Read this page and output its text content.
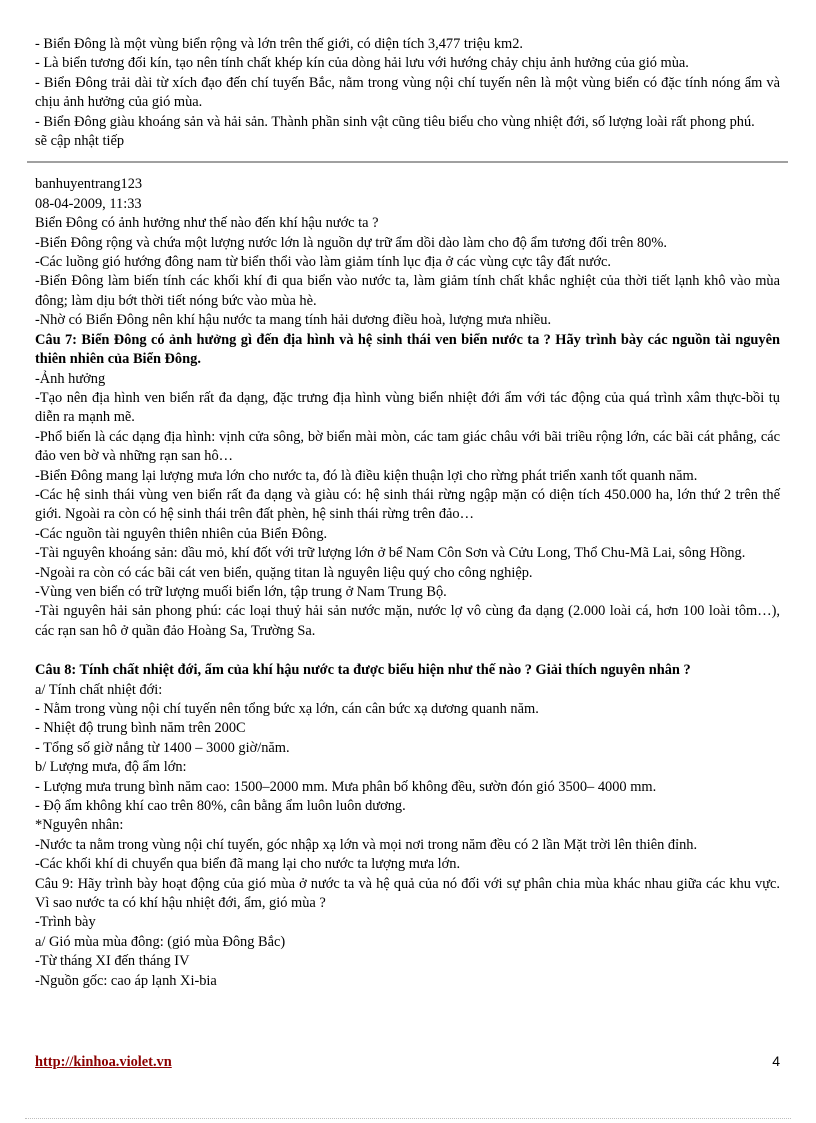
- Biển Đông là một vùng biển rộng và lớn trên thế giới, có diện tích 3,477 triệu km2.

- Là biển tương đối kín, tạo nên tính chất khép kín của dòng hải lưu với hướng chảy chịu ảnh hưởng của gió mùa.

- Biển Đông trải dài từ xích đạo đến chí tuyến Bắc, nằm trong vùng nội chí tuyến nên là một vùng biển có đặc tính nóng ẩm và chịu ảnh hưởng của gió mùa.

- Biển Đông giàu khoáng sản và hải sản. Thành phần sinh vật cũng tiêu biểu cho vùng nhiệt đới, số lượng loài rất phong phú.

sẽ cập nhật tiếp

banhuyentrang123

08-04-2009, 11:33

Biển Đông có ảnh hưởng như thế nào đến khí hậu nước ta ?

-Biển Đông rộng và chứa một lượng nước lớn là nguồn dự trữ ẩm dồi dào làm cho độ ẩm tương đối trên 80%.

-Các luồng gió hướng đông nam từ biển thổi vào làm giảm tính lục địa ở các vùng cực tây đất nước.

-Biển Đông làm biến tính các khối khí đi qua biển vào nước ta, làm giảm tính chất khắc nghiệt của thời tiết lạnh khô vào mùa đông; làm dịu bớt thời tiết nóng bức vào mùa hè.

-Nhờ có Biển Đông nên khí hậu nước ta mang tính hải dương điều hoà, lượng mưa nhiều.

Câu 7: Biển Đông có ảnh hưởng gì đến địa hình và hệ sinh thái ven biển nước ta ? Hãy trình bày các nguồn tài nguyên thiên nhiên của Biển Đông.

-Ảnh hưởng

-Tạo nên địa hình ven biển rất đa dạng, đặc trưng địa hình vùng biển nhiệt đới ẩm với tác động của quá trình xâm thực-bồi tụ diễn ra mạnh mẽ.

-Phổ biến là các dạng địa hình: vịnh cửa sông, bờ biển mài mòn, các tam giác châu với bãi triều rộng lớn, các bãi cát phẳng, các đảo ven bờ và những rạn san hô…

-Biển Đông mang lại lượng mưa lớn cho nước ta, đó là điều kiện thuận lợi cho rừng phát triển xanh tốt quanh năm.

-Các hệ sinh thái vùng ven biển rất đa dạng và giàu có: hệ sinh thái rừng ngập mặn có diện tích 450.000 ha, lớn thứ 2 trên thế giới. Ngoài ra còn có hệ sinh thái trên đất phèn, hệ sinh thái rừng trên đảo…

-Các nguồn tài nguyên thiên nhiên của Biển Đông.

-Tài nguyên khoáng sản: dầu mỏ, khí đốt với trữ lượng lớn ở bể Nam Côn Sơn và Cửu Long, Thổ Chu-Mã Lai, sông Hồng.

-Ngoài ra còn có các bãi cát ven biển, quặng titan là nguyên liệu quý cho công nghiệp.

-Vùng ven biển có trữ lượng muối biển lớn, tập trung ở Nam Trung Bộ.

-Tài nguyên hải sản phong phú: các loại thuỷ hải sản nước mặn, nước lợ vô cùng đa dạng (2.000 loài cá, hơn 100 loài tôm…), các rạn san hô ở quần đảo Hoàng Sa, Trường Sa.

Câu 8: Tính chất nhiệt đới, ẩm của khí hậu nước ta được biểu hiện như thế nào ? Giải thích nguyên nhân ?

a/ Tính chất nhiệt đới:

- Nằm trong vùng nội chí tuyến nên tổng bức xạ lớn, cán cân bức xạ dương quanh năm.

- Nhiệt độ trung bình năm trên 200C

- Tổng số giờ nắng từ 1400 – 3000 giờ/năm.

b/ Lượng mưa, độ ẩm lớn:

- Lượng mưa trung bình năm cao: 1500–2000 mm. Mưa phân bố không đều, sườn đón gió 3500– 4000 mm.

- Độ ẩm không khí cao trên 80%, cân bằng ẩm luôn luôn dương.

*Nguyên nhân:

-Nước ta nằm trong vùng nội chí tuyến, góc nhập xạ lớn và mọi nơi trong năm đều có 2 lần Mặt trời lên thiên đỉnh.

-Các khối khí di chuyển qua biển đã mang lại cho nước ta lượng mưa lớn.

Câu 9: Hãy trình bày hoạt động của gió mùa ở nước ta và hệ quả của nó đối với sự phân chia mùa khác nhau giữa các khu vực. Vì sao nước ta có khí hậu nhiệt đới, ẩm, gió mùa ?

-Trình bày

a/ Gió mùa mùa đông: (gió mùa Đông Bắc)

-Từ tháng XI đến tháng IV

-Nguồn gốc: cao áp lạnh Xi-bia

http://kinhoa.violet.vn	4
